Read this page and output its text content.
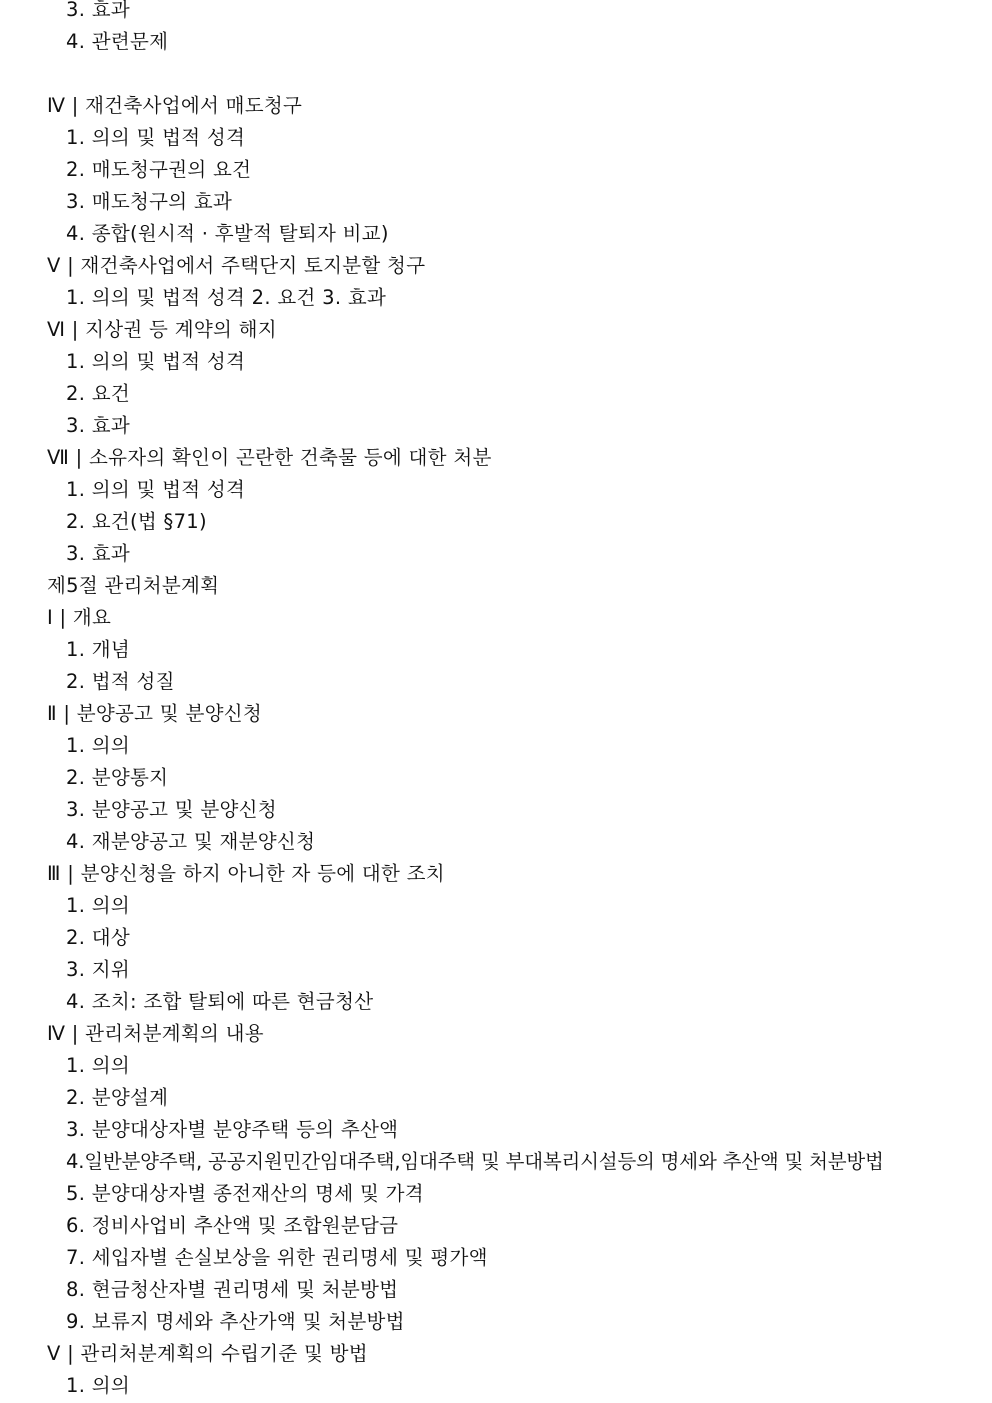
3. 효과
4. 관련문제
Ⅳ | 재건축사업에서 매도청구
1. 의의 및 법적 성격
2. 매도청구권의 요건
3. 매도청구의 효과
4. 종합(원시적 · 후발적 탈퇴자 비교)
Ⅴ | 재건축사업에서 주택단지 토지분할 청구
1. 의의 및 법적 성격 2. 요건 3. 효과
Ⅵ | 지상권 등 계약의 해지
1. 의의 및 법적 성격
2. 요건
3. 효과
Ⅶ | 소유자의 확인이 곤란한 건축물 등에 대한 처분
1. 의의 및 법적 성격
2. 요건(법 §71)
3. 효과
제5절 관리처분계획
Ⅰ | 개요
1. 개념
2. 법적 성질
Ⅱ | 분양공고 및 분양신청
1. 의의
2. 분양통지
3. 분양공고 및 분양신청
4. 재분양공고 및 재분양신청
Ⅲ | 분양신청을 하지 아니한 자 등에 대한 조치
1. 의의
2. 대상
3. 지위
4. 조치: 조합 탈퇴에 따른 현금청산
Ⅳ | 관리처분계획의 내용
1. 의의
2. 분양설계
3. 분양대상자별 분양주택 등의 추산액
4.일반분양주택, 공공지원민간임대주택,임대주택 및 부대복리시설등의 명세와 추산액 및 처분방법
5. 분양대상자별 종전재산의 명세 및 가격
6. 정비사업비 추산액 및 조합원분담금
7. 세입자별 손실보상을 위한 권리명세 및 평가액
8. 현금청산자별 권리명세 및 처분방법
9. 보류지 명세와 추산가액 및 처분방법
Ⅴ | 관리처분계획의 수립기준 및 방법
1. 의의
